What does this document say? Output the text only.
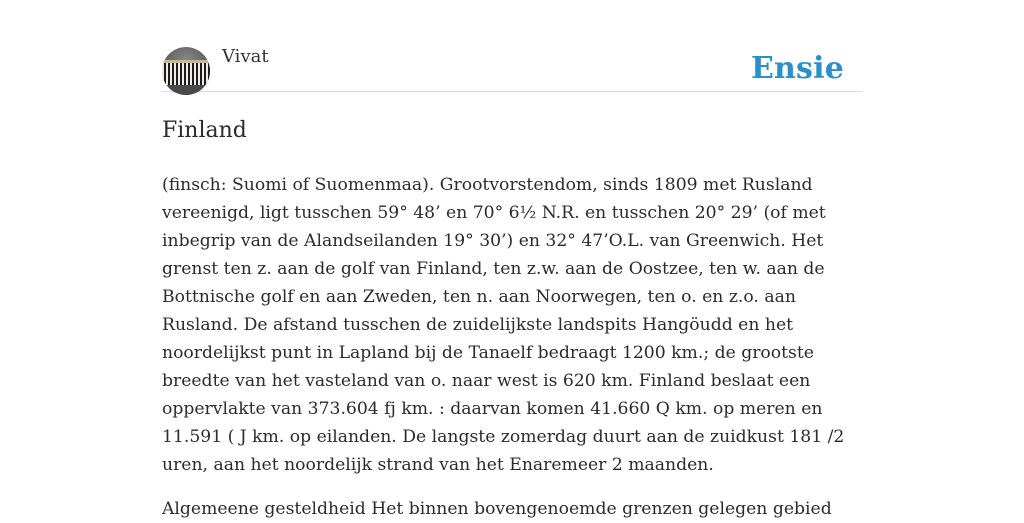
Vivat	Ensie
Finland

(finsch: Suomi of Suomenmaa). Grootvorstendom, sinds 1809 met Rusland vereenigd, ligt tusschen 59° 48’ en 70° 6½ N.R. en tusschen 20° 29’ (of met inbegrip van de Alandseilanden 19° 30’) en 32° 47’O.L. van Greenwich. Het grenst ten z. aan de golf van Finland, ten z.w. aan de Oostzee, ten w. aan de Bottnische golf en aan Zweden, ten n. aan Noorwegen, ten o. en z.o. aan Rusland. De afstand tusschen de zuidelijkste landspits Hangöudd en het noordelijkst punt in Lapland bij de Tanaelf bedraagt 1200 km.; de grootste breedte van het vasteland van o. naar west is 620 km. Finland beslaat een oppervlakte van 373.604 fj km. : daarvan komen 41.660 Q km. op meren en 11.591 ( J km. op eilanden. De langste zomerdag duurt aan de zuidkust 181 /2 uren, aan het noordelijk strand van het Enaremeer 2 maanden.

Algemeene gesteldheid Het binnen bovengenoemde grenzen gelegen gebied
